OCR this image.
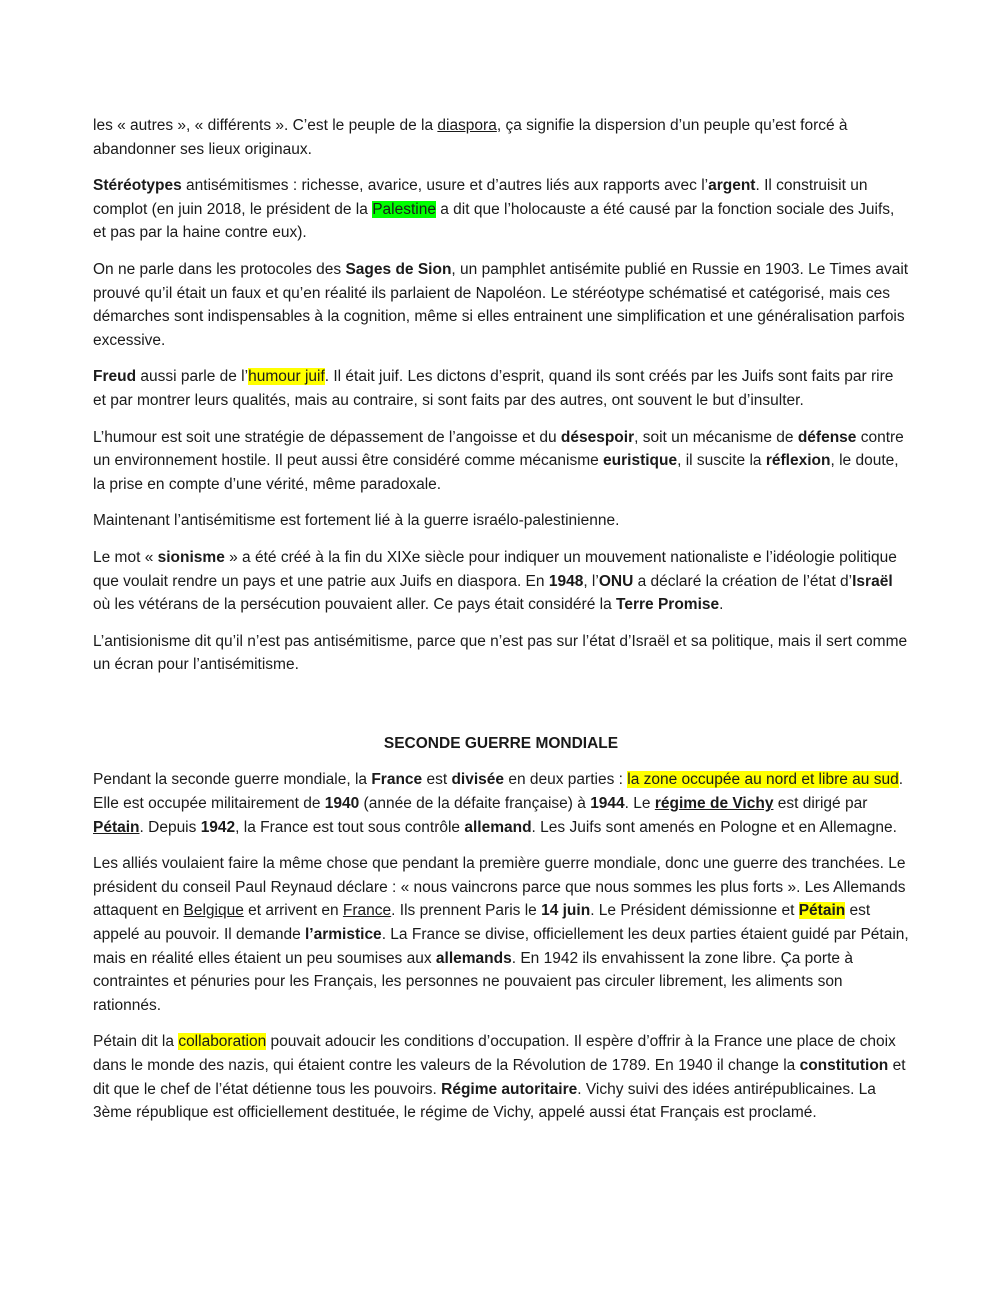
les « autres », « différents ». C’est le peuple de la diaspora, ça signifie la dispersion d’un peuple qu’est forcé à abandonner ses lieux originaux.

Stéréotypes antisémitismes : richesse, avarice, usure et d’autres liés aux rapports avec l’argent. Il construisit un complot (en juin 2018, le président de la Palestine a dit que l’holocauste a été causé par la fonction sociale des Juifs, et pas par la haine contre eux).

On ne parle dans les protocoles des Sages de Sion, un pamphlet antisémite publié en Russie en 1903. Le Times avait prouvé qu’il était un faux et qu’en réalité ils parlaient de Napoléon. Le stéréotype schématisé et catégorisé, mais ces démarches sont indispensables à la cognition, même si elles entrainent une simplification et une généralisation parfois excessive.

Freud aussi parle de l’humour juif. Il était juif. Les dictons d’esprit, quand ils sont créés par les Juifs sont faits par rire et par montrer leurs qualités, mais au contraire, si sont faits par des autres, ont souvent le but d’insulter.

L’humour est soit une stratégie de dépassement de l’angoisse et du désespoir, soit un mécanisme de défense contre un environnement hostile. Il peut aussi être considéré comme mécanisme euristique, il suscite la réflexion, le doute, la prise en compte d’une vérité, même paradoxale.

Maintenant l’antisémitisme est fortement lié à la guerre israélo-palestinienne.

Le mot « sionisme » a été créé à la fin du XIXe siècle pour indiquer un mouvement nationaliste e l’idéologie politique que voulait rendre un pays et une patrie aux Juifs en diaspora. En 1948, l’ONU a déclaré la création de l’état d’Israël où les vétérans de la persécution pouvaient aller. Ce pays était considéré la Terre Promise.

L’antisionisme dit qu’il n’est pas antisémitisme, parce que n’est pas sur l’état d’Israël et sa politique, mais il sert comme un écran pour l’antisémitisme.

SECONDE GUERRE MONDIALE

Pendant la seconde guerre mondiale, la France est divisée en deux parties : la zone occupée au nord et libre au sud. Elle est occupée militairement de 1940 (année de la défaite française) à 1944. Le régime de Vichy est dirigé par Pétain. Depuis 1942, la France est tout sous contrôle allemand. Les Juifs sont amenés en Pologne et en Allemagne.

Les alliés voulaient faire la même chose que pendant la première guerre mondiale, donc une guerre des tranchées. Le président du conseil Paul Reynaud déclare : « nous vaincrons parce que nous sommes les plus forts ». Les Allemands attaquent en Belgique et arrivent en France. Ils prennent Paris le 14 juin. Le Président démissionne et Pétain est appelé au pouvoir. Il demande l’armistice. La France se divise, officiellement les deux parties étaient guidé par Pétain, mais en réalité elles étaient un peu soumises aux allemands. En 1942 ils envahissent la zone libre. Ça porte à contraintes et pénuries pour les Français, les personnes ne pouvaient pas circuler librement, les aliments son rationnés.

Pétain dit la collaboration pouvait adoucir les conditions d’occupation. Il espère d’offrir à la France une place de choix dans le monde des nazis, qui étaient contre les valeurs de la Révolution de 1789. En 1940 il change la constitution et dit que le chef de l’état détienne tous les pouvoirs. Régime autoritaire. Vichy suivi des idées antirépublicaines. La 3ème république est officiellement destituée, le régime de Vichy, appelé aussi état Français est proclamé.
